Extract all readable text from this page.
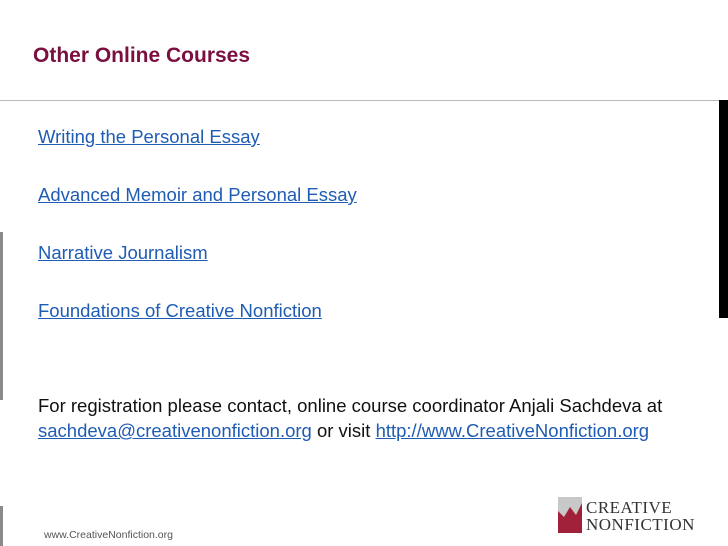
Other Online Courses
Writing the Personal Essay
Advanced Memoir and Personal Essay
Narrative Journalism
Foundations of Creative Nonfiction
For registration please contact, online course coordinator Anjali Sachdeva at sachdeva@creativenonfiction.org or visit http://www.CreativeNonfiction.org
www.CreativeNonfiction.org
CREATIVE
NONFICTION
